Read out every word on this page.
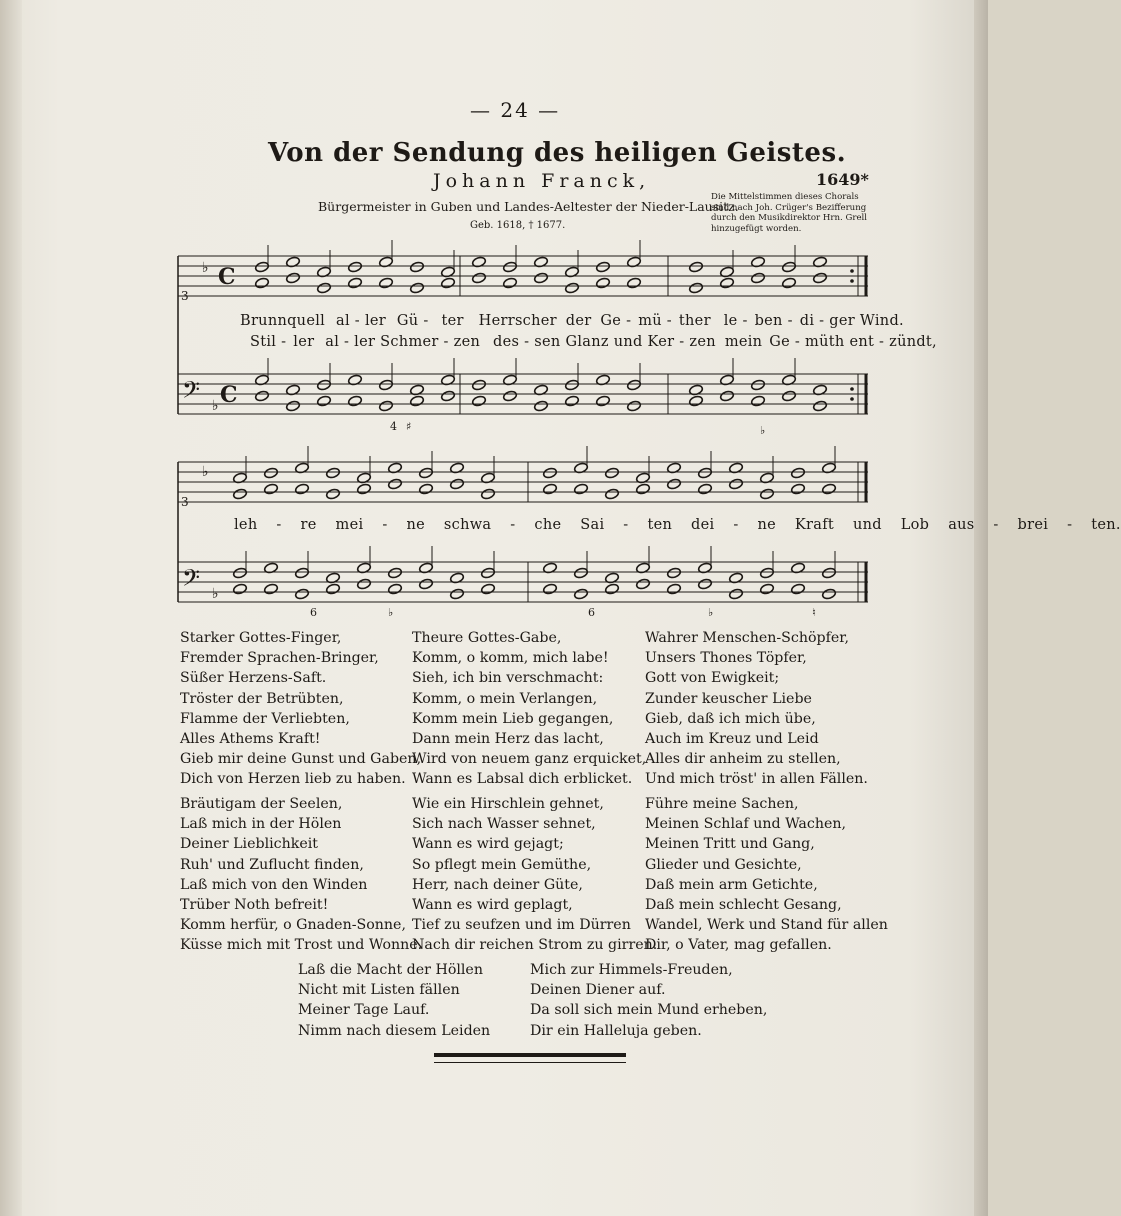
— 24 —
Von der Sendung des heiligen Geistes.
Johann Franck,	1649*
Bürgermeister in Guben und Landes-Aeltester der Nieder-Lausitz.
Geb. 1618, † 1677.
Die Mittelstimmen dieses Chorals sind nach Joh. Crüger's Bezifferung durch den Musikdirektor Hrn. Grell hinzugefügt worden.
3
♭ C
𝄢 ♭ C
3
♭
𝄢 ♭
4 ♯	♭
6	♭	6	♭	♮
Brunnquell al - ler Gü - ter Herrscher der Ge - mü - ther le - ben - di - ger Wind.
Stil - ler al - ler Schmer - zen des - sen Glanz und Ker - zen mein Ge - müth ent - zündt,
leh - re mei - ne schwa - che Sai - ten dei - ne Kraft und Lob aus - brei - ten.
Starker Gottes-Finger,
Fremder Sprachen-Bringer,
Süßer Herzens-Saft.
Tröster der Betrübten,
Flamme der Verliebten,
Alles Athems Kraft!
Gieb mir deine Gunst und Gaben,
Dich von Herzen lieb zu haben.
Theure Gottes-Gabe,
Komm, o komm, mich labe!
Sieh, ich bin verschmacht:
Komm, o mein Verlangen,
Komm mein Lieb gegangen,
Dann mein Herz das lacht,
Wird von neuem ganz erquicket,
Wann es Labsal dich erblicket.
Wahrer Menschen-Schöpfer,
Unsers Thones Töpfer,
Gott von Ewigkeit;
Zunder keuscher Liebe
Gieb, daß ich mich übe,
Auch im Kreuz und Leid
Alles dir anheim zu stellen,
Und mich tröst' in allen Fällen.
Bräutigam der Seelen,
Laß mich in der Hölen
Deiner Lieblichkeit
Ruh' und Zuflucht finden,
Laß mich von den Winden
Trüber Noth befreit!
Komm herfür, o Gnaden-Sonne,
Küsse mich mit Trost und Wonne.
Wie ein Hirschlein gehnet,
Sich nach Wasser sehnet,
Wann es wird gejagt;
So pflegt mein Gemüthe,
Herr, nach deiner Güte,
Wann es wird geplagt,
Tief zu seufzen und im Dürren
Nach dir reichen Strom zu girren.
Führe meine Sachen,
Meinen Schlaf und Wachen,
Meinen Tritt und Gang,
Glieder und Gesichte,
Daß mein arm Getichte,
Daß mein schlecht Gesang,
Wandel, Werk und Stand für allen
Dir, o Vater, mag gefallen.
Laß die Macht der Höllen
Nicht mit Listen fällen
Meiner Tage Lauf.
Nimm nach diesem Leiden
Mich zur Himmels-Freuden,
Deinen Diener auf.
Da soll sich mein Mund erheben,
Dir ein Halleluja geben.
